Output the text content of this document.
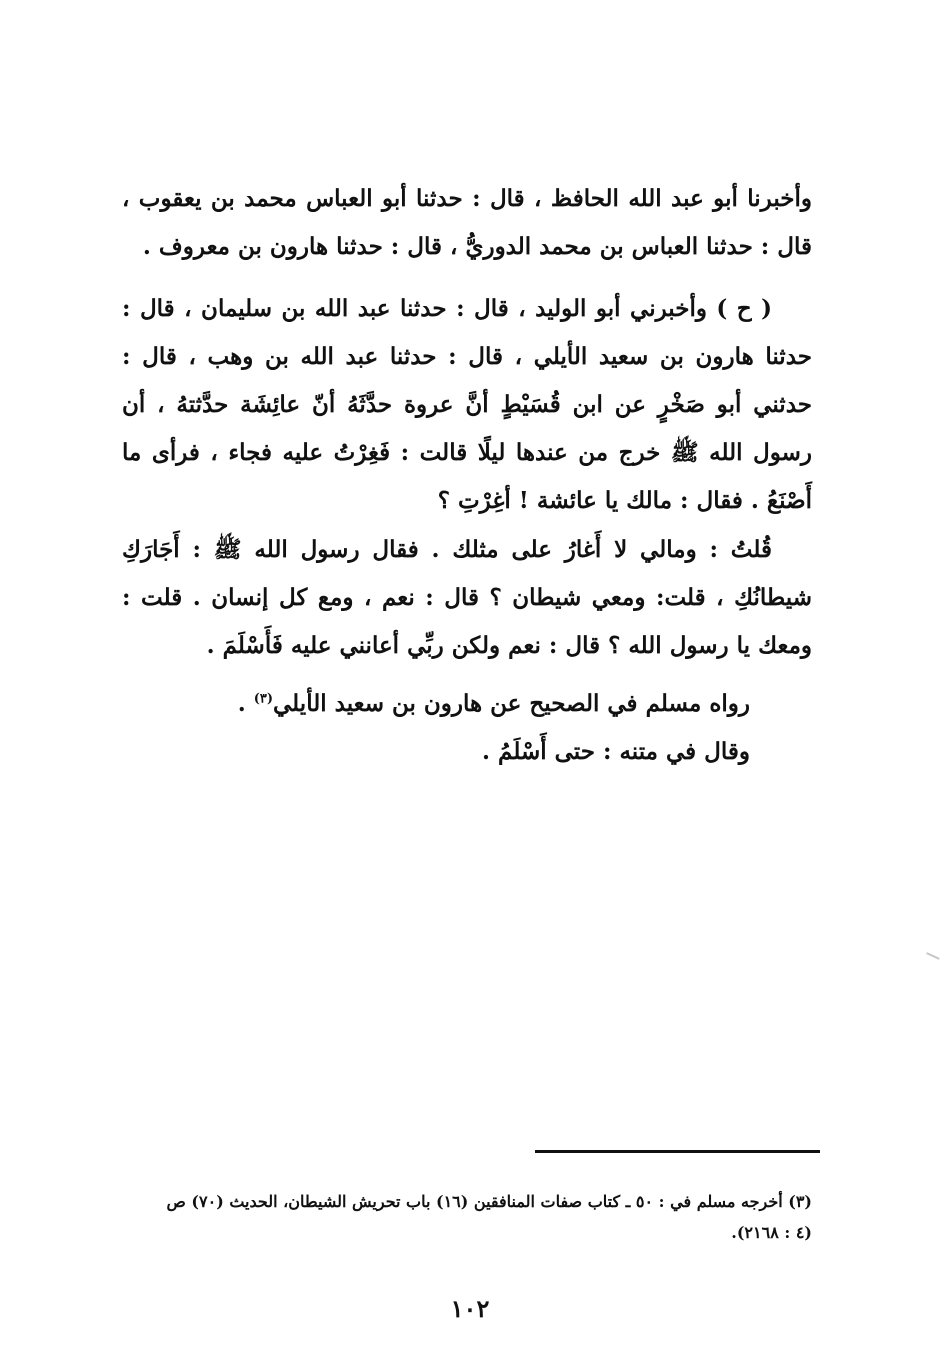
وأخبرنا أبو عبد الله الحافظ ، قال : حدثنا أبو العباس محمد بن يعقوب ، قال : حدثنا العباس بن محمد الدوريُّ ، قال : حدثنا هارون بن معروف .

( ح ) وأخبرني أبو الوليد ، قال : حدثنا عبد الله بن سليمان ، قال : حدثنا هارون بن سعيد الأيلي ، قال : حدثنا عبد الله بن وهب ، قال : حدثني أبو صَخْرٍ عن ابن قُسَيْطٍ أنَّ عروة حدَّثَهُ أنّ عائِشَة حدَّثتهُ ، أن رسول الله ﷺ خرج من عندها ليلًا قالت : فَغِرْتُ عليه فجاء ، فرأى ما أَصْنَعُ . فقال : مالك يا عائشة ! أغِرْتِ ؟

قُلتُ : ومالي لا أَغارُ على مثلك . فقال رسول الله ﷺ : أَجَارَكِ شيطانُكِ ، قلت: ومعي شيطان ؟ قال : نعم ، ومع كل إنسان . قلت : ومعك يا رسول الله ؟ قال : نعم ولكن ربِّي أعانني عليه فَأَسْلَمَ .

رواه مسلم في الصحيح عن هارون بن سعيد الأيلي$^{(٣)}$ .
وقال في متنه : حتى أَسْلَمُ .

(٣) أخرجه مسلم في : ٥٠ ـ كتاب صفات المنافقين (١٦) باب تحريش الشيطان، الحديث (٧٠) ص
(٤ : ٢١٦٨).

١٠٢
